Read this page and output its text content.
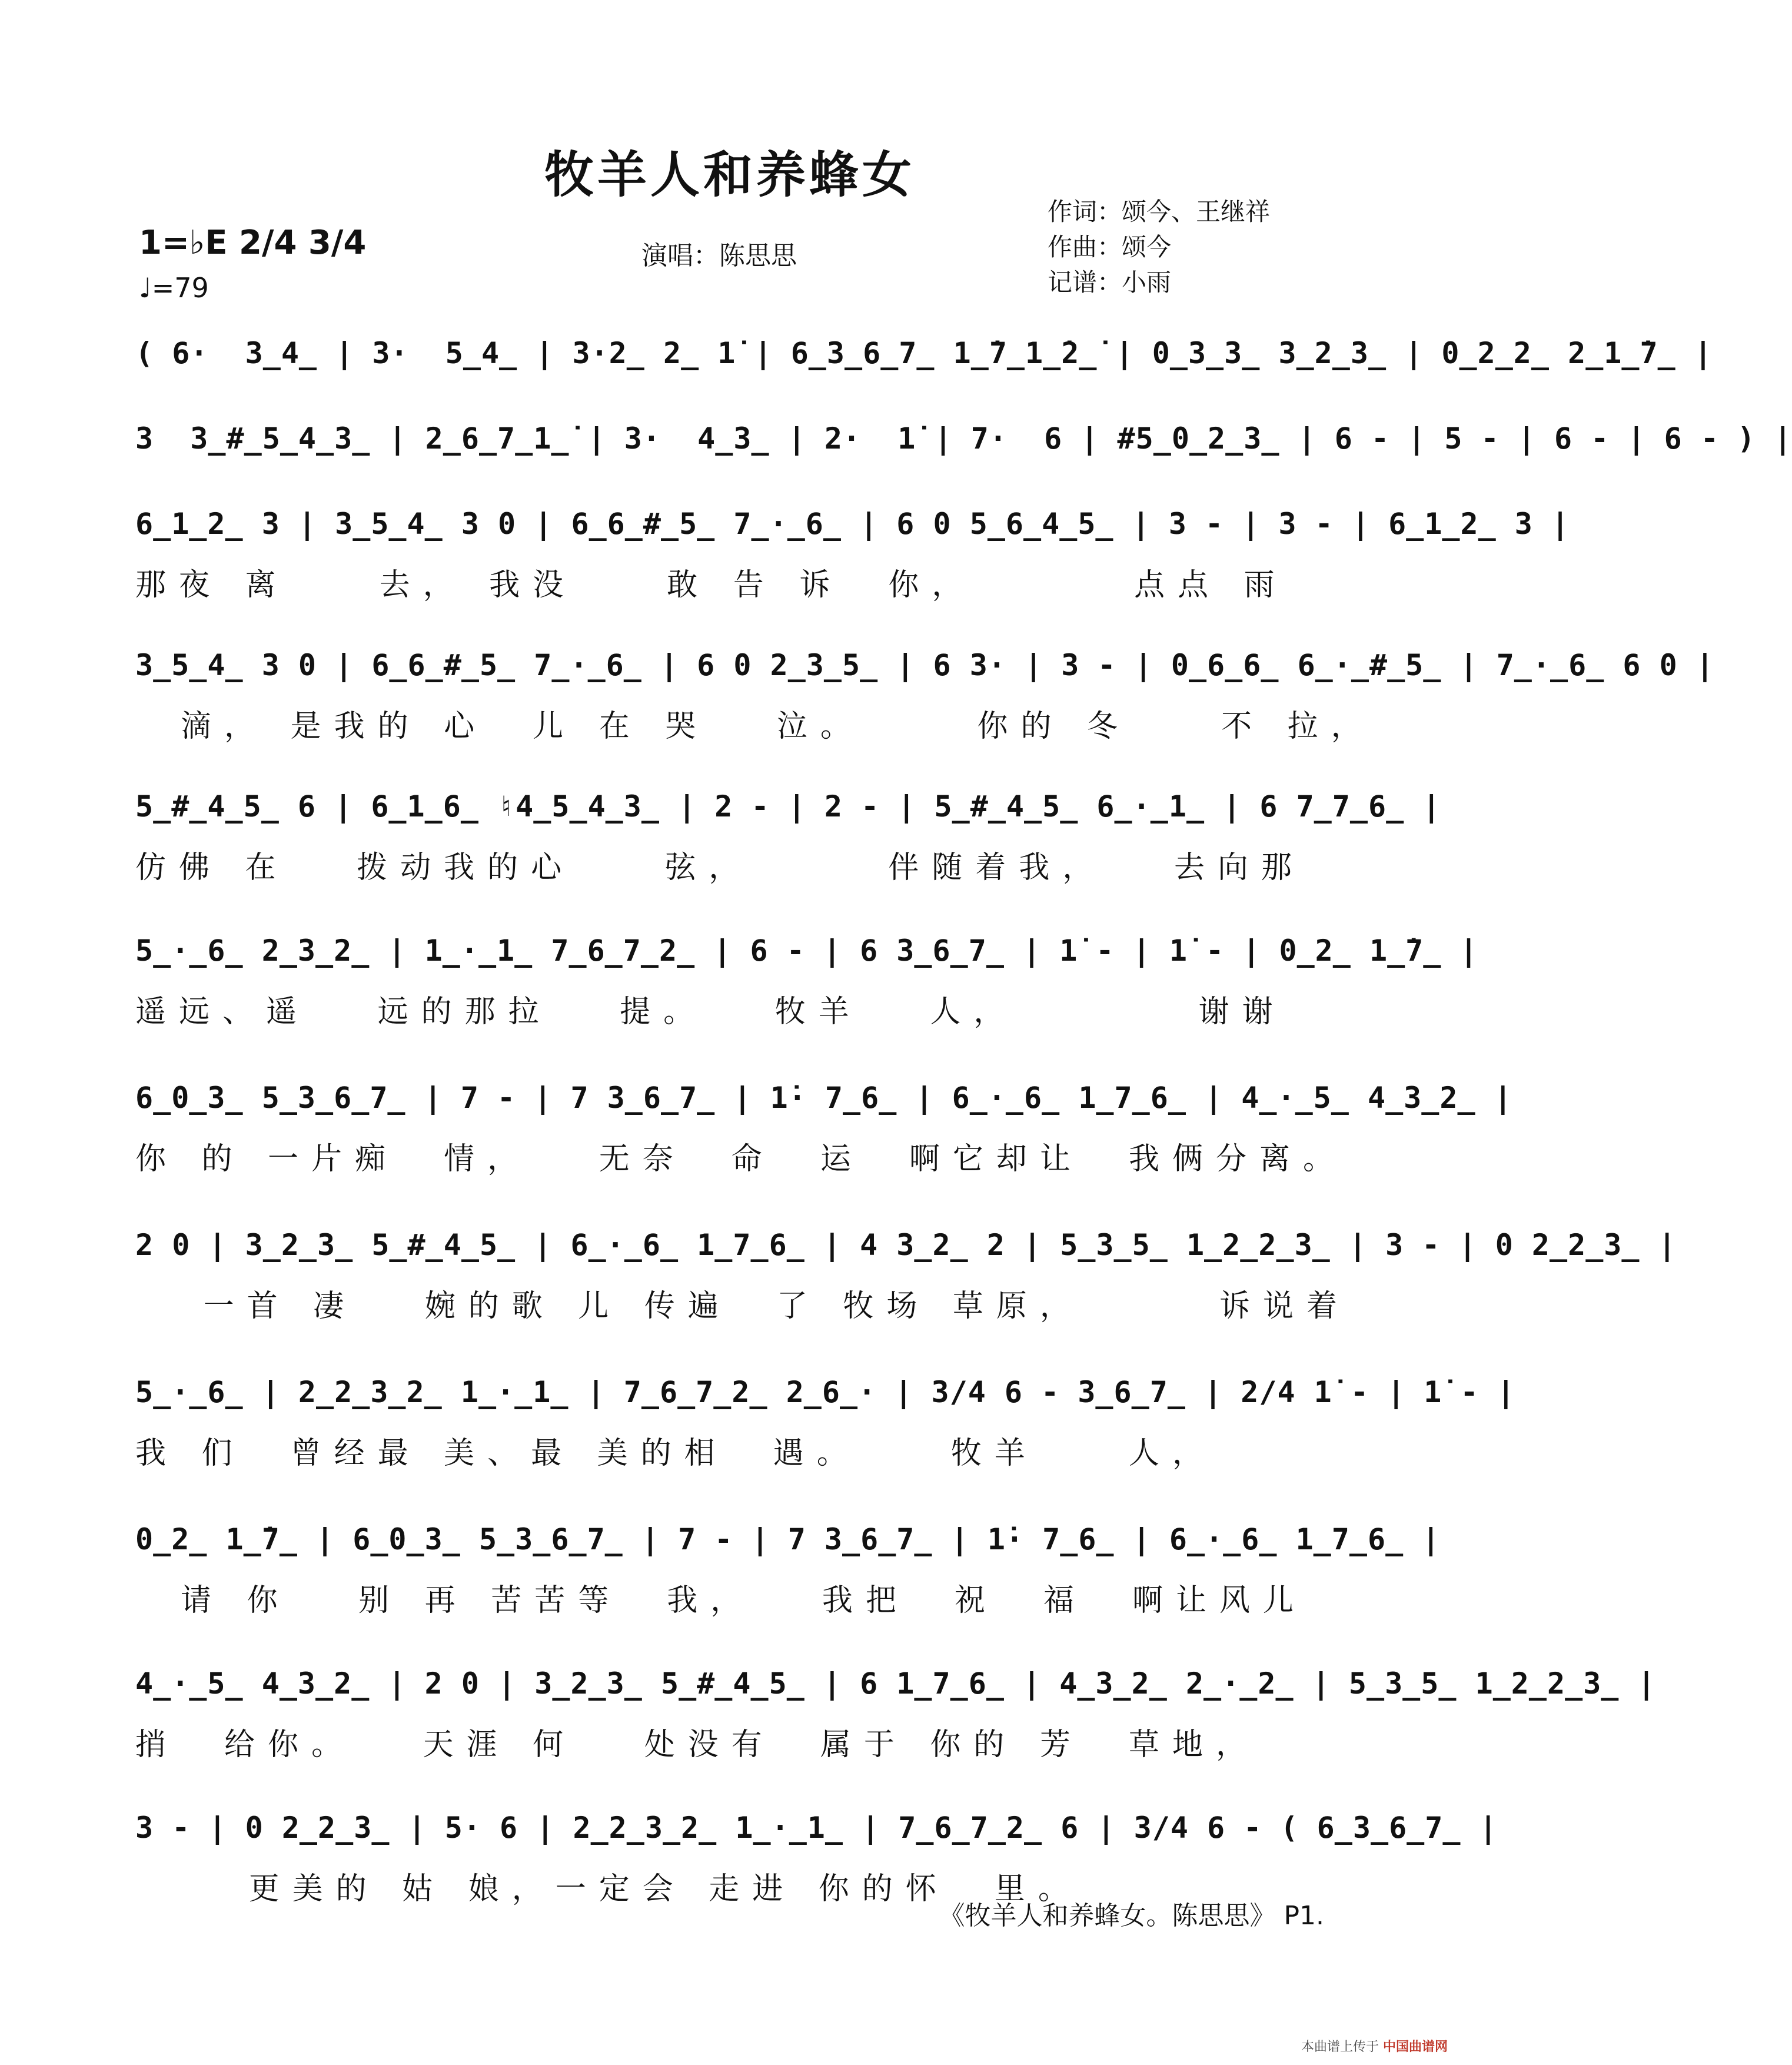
牧羊人和养蜂女
1=♭E 2/4 3/4
♩=79
演唱：陈思思
作词：颂今、王继祥
作曲：颂今
记谱：小雨
( 6·  3̲4̲ | 3·  5̲4̲ | 3·2̲ 2̲ 1̇ | 6̲3̲6̲7̲ 1̲̇7̲1̲̇2̲̇ | 0̲3̲3̲ 3̲2̲3̲ | 0̲2̲2̲ 2̲1̲̇7̲ |
3  3̲#̲5̲4̲3̲ | 2̲6̲7̲1̲̇ | 3·  4̲3̲ | 2·  1̇ | 7·  6 | #5̲0̲2̲3̲ | 6 - | 5 - | 6 - | 6 - ) |
6̲1̲2̲ 3 | 3̲5̲4̲ 3 0 | 6̲6̲#̲5̲ 7̲·̲6̲ | 6 0 5̲6̲4̲5̲ | 3 - | 3 - | 6̲1̲2̲ 3 |
那夜 离    去， 我没    敢 告 诉  你，       点点 雨
3̲5̲4̲ 3 0 | 6̲6̲#̲5̲ 7̲·̲6̲ | 6 0 2̲3̲5̲ | 6 3· | 3 - | 0̲6̲6̲ 6̲·̲#̲5̲ | 7̲·̲6̲ 6 0 |
滴， 是我的 心  儿 在 哭   泣。     你的 冬    不 拉，
5̲#̲4̲5̲ 6 | 6̲1̲6̲ ♮4̲5̲4̲3̲ | 2 - | 2 - | 5̲#̲4̲5̲ 6̲·̲1̲ | 6 7̲7̲6̲ |
仿佛 在   拨动我的心    弦，      伴随着我，   去向那
5̲·̲6̲ 2̲3̲2̲ | 1̲·̲1̲ 7̲6̲7̲2̲ | 6 - | 6 3̲6̲7̲ | 1̇ - | 1̇ - | 0̲2̲ 1̲̇7̲ |
遥远、遥   远的那拉   提。   牧羊   人，        谢谢
6̲0̲3̲ 5̲3̲6̲7̲ | 7 - | 7 3̲6̲7̲ | 1̇· 7̲6̲ | 6̲·̲6̲ 1̲7̲6̲ | 4̲·̲5̲ 4̲3̲2̲ |
你 的 一片痴  情，   无奈  命  运  啊它却让  我俩分离。
2 0 | 3̲2̲3̲ 5̲#̲4̲5̲ | 6̲·̲6̲ 1̲7̲6̲ | 4 3̲2̲ 2 | 5̲3̲5̲ 1̲2̲2̲3̲ | 3 - | 0 2̲2̲3̲ |
一首 凄   婉的歌 儿 传遍  了 牧场 草原，      诉说着
5̲·̲6̲ | 2̲2̲3̲2̲ 1̲·̲1̲ | 7̲6̲7̲2̲ 2̲6̲· | 3/4 6 - 3̲6̲7̲ | 2/4 1̇ - | 1̇ - |
我 们  曾经最 美、最 美的相  遇。    牧羊    人，
0̲2̲ 1̲̇7̲ | 6̲0̲3̲ 5̲3̲6̲7̲ | 7 - | 7 3̲6̲7̲ | 1̇· 7̲6̲ | 6̲·̲6̲ 1̲7̲6̲ |
请 你   别 再 苦苦等  我，   我把  祝  福  啊让风儿
4̲·̲5̲ 4̲3̲2̲ | 2 0 | 3̲2̲3̲ 5̲#̲4̲5̲ | 6 1̲7̲6̲ | 4̲3̲2̲ 2̲·̲2̲ | 5̲3̲5̲ 1̲2̲2̲3̲ |
捎  给你。   天涯 何   处没有  属于 你的 芳  草地，
3 - | 0 2̲2̲3̲ | 5· 6 | 2̲2̲3̲2̲ 1̲·̲1̲ | 7̲6̲7̲2̲ 6 | 3/4 6 - ( 6̲3̲6̲7̲ |
更美的 姑 娘，一定会 走进 你的怀  里。
《牧羊人和养蜂女。陈思思》 P1.
本曲谱上传于 中国曲谱网
